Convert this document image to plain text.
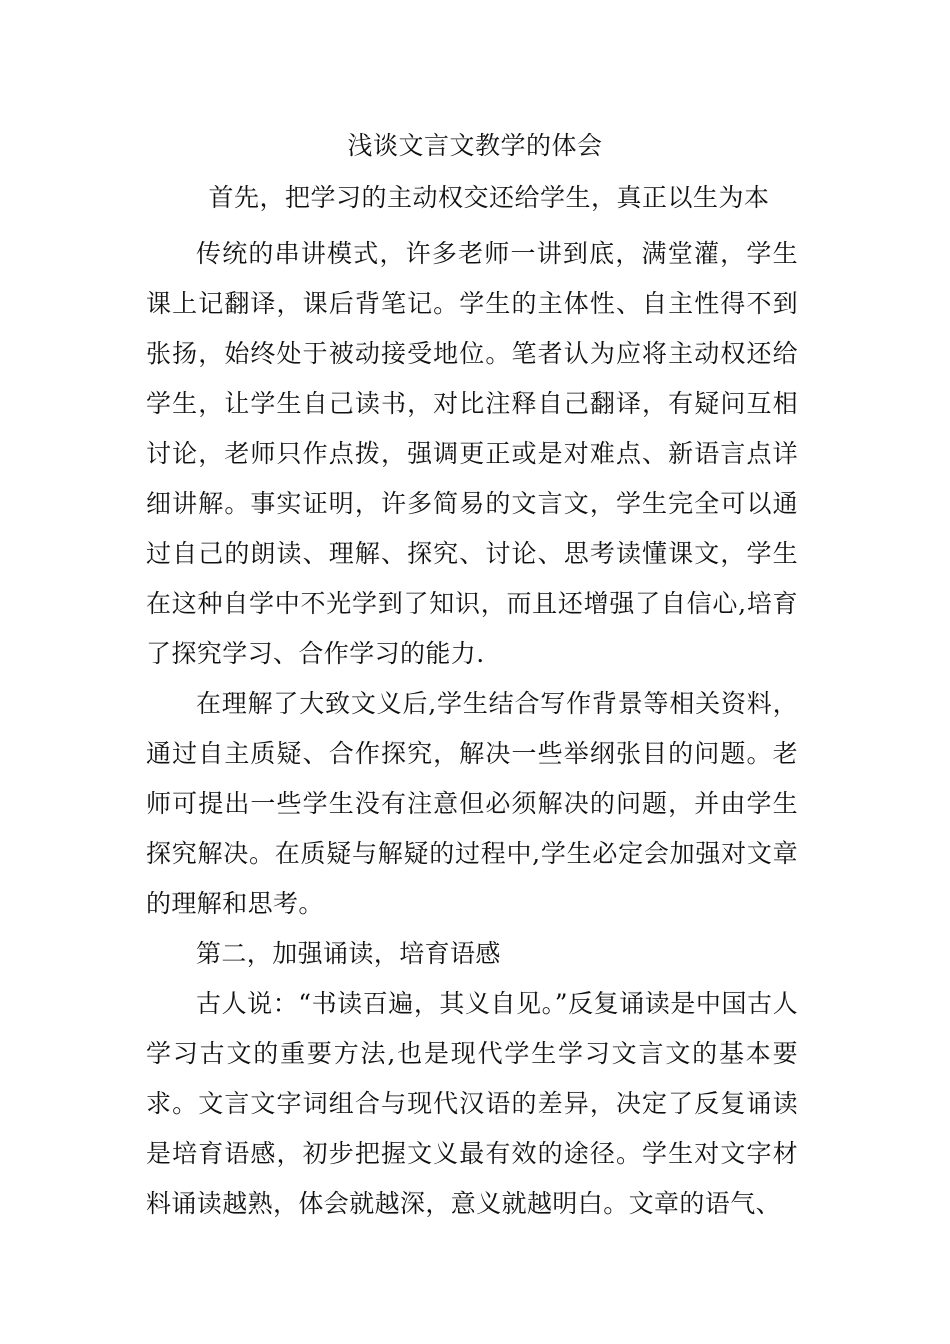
浅谈文言文教学的体会
首先，把学习的主动权交还给学生，真正以生为本

传统的串讲模式，许多老师一讲到底，满堂灌，学生课上记翻译，课后背笔记。学生的主体性、自主性得不到张扬，始终处于被动接受地位。笔者认为应将主动权还给学生，让学生自己读书，对比注释自己翻译，有疑问互相讨论，老师只作点拨，强调更正或是对难点、新语言点详细讲解。事实证明，许多简易的文言文，学生完全可以通过自己的朗读、理解、探究、讨论、思考读懂课文，学生在这种自学中不光学到了知识，而且还增强了自信心,培育了探究学习、合作学习的能力.

在理解了大致文义后,学生结合写作背景等相关资料，通过自主质疑、合作探究，解决一些举纲张目的问题。老师可提出一些学生没有注意但必须解决的问题，并由学生探究解决。在质疑与解疑的过程中,学生必定会加强对文章的理解和思考。

第二，加强诵读，培育语感

古人说：“书读百遍，其义自见。”反复诵读是中国古人学习古文的重要方法,也是现代学生学习文言文的基本要求。文言文字词组合与现代汉语的差异，决定了反复诵读是培育语感，初步把握文义最有效的途径。学生对文字材料诵读越熟，体会就越深，意义就越明白。文章的语气、
